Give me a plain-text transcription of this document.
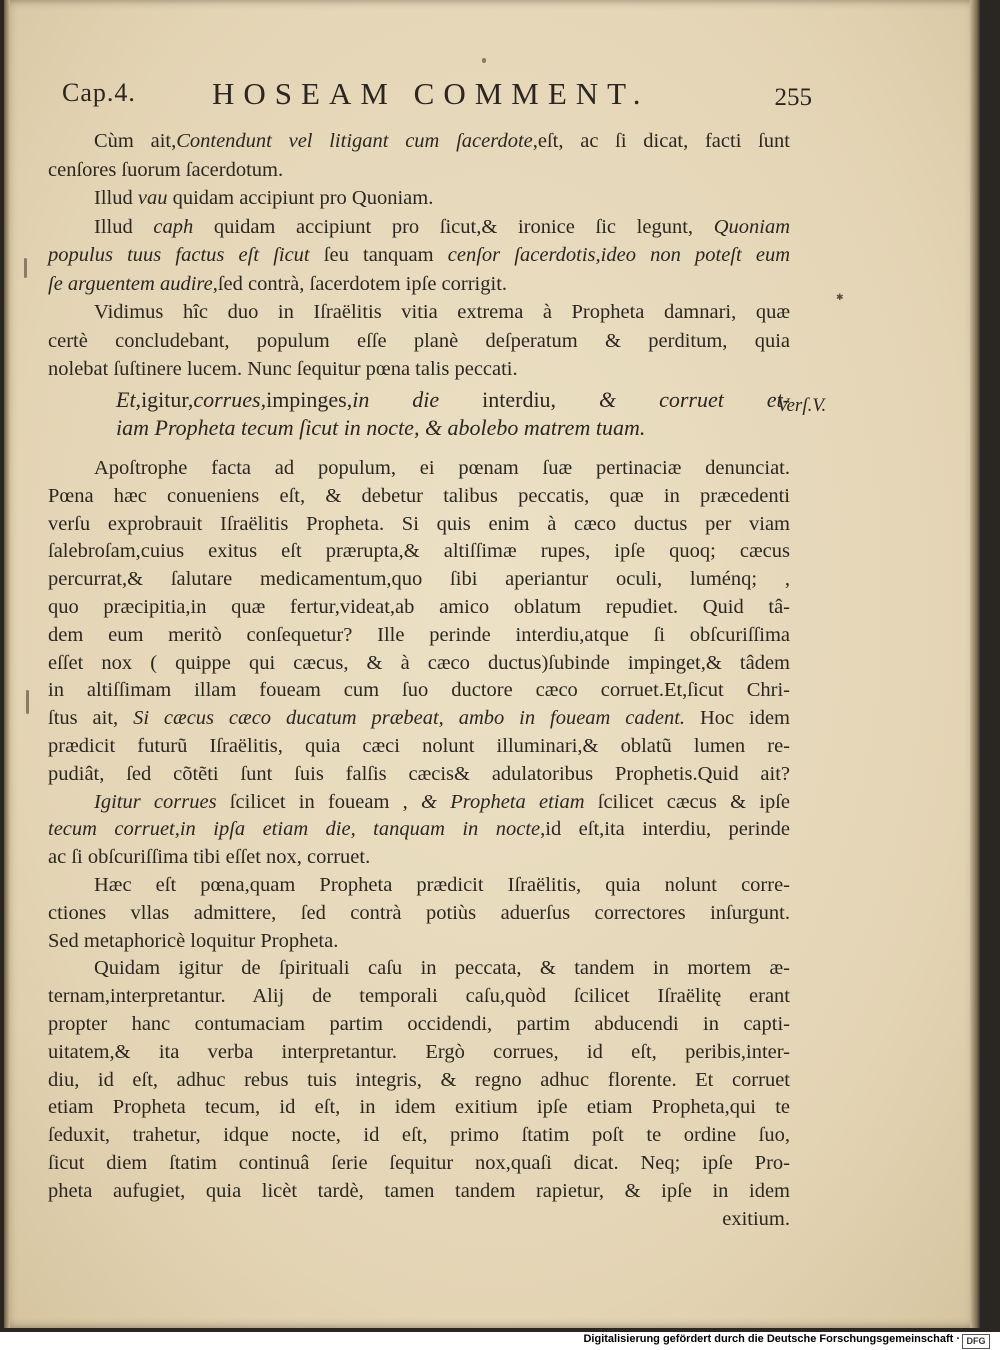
Cap.4. HOSEAM COMMENT.	255
Cùm ait,Contendunt vel litigant cum ſacerdote,eſt, ac ſi dicat, facti ſunt
cenſores ſuorum ſacerdotum.
Illud vau quidam accipiunt pro Quoniam.
Illud caph quidam accipiunt pro ſicut,& ironice ſic legunt, Quoniam
populus tuus factus eſt ſicut ſeu tanquam cenſor ſacerdotis,ideo non poteſt eum
ſe arguentem audire,ſed contrà, ſacerdotem ipſe corrigit.
Vidimus hîc duo in Iſraëlitis vitia extrema à Propheta damnari, quæ
certè concludebant, populum eſſe planè deſperatum & perditum, quia
nolebat ſuſtinere lucem. Nunc ſequitur pœna talis peccati.
Et,igitur,corrues,impinges,in die interdiu, & corruet et-
iam Propheta tecum ſicut in nocte, & abolebo matrem tuam.
Verſ.V.
✱
Apoſtrophe facta ad populum, ei pœnam ſuæ pertinaciæ denunciat.
Pœna hæc conueniens eſt, & debetur talibus peccatis, quæ in præcedenti
verſu exprobrauit Iſraëlitis Propheta. Si quis enim à cæco ductus per viam
ſalebroſam,cuius exitus eſt prærupta,& altiſſimæ rupes, ipſe quoq; cæcus
percurrat,& ſalutare medicamentum,quo ſibi aperiantur oculi, luménq; ,
quo præcipitia,in quæ fertur,videat,ab amico oblatum repudiet. Quid tâ-
dem eum meritò conſequetur? Ille perinde interdiu,atque ſi obſcuriſſima
eſſet nox ( quippe qui cæcus, & à cæco ductus)ſubinde impinget,& tâdem
in altiſſimam illam foueam cum ſuo ductore cæco corruet.Et,ſicut Chri-
ſtus ait, Si cæcus cæco ducatum præbeat, ambo in foueam cadent. Hoc idem
prædicit futurũ Iſraëlitis, quia cæci nolunt illuminari,& oblatũ lumen re-
pudiât, ſed cõtẽti ſunt ſuis falſis cæcis& adulatoribus Prophetis.Quid ait?
Igitur corrues ſcilicet in foueam , & Propheta etiam ſcilicet cæcus & ipſe
tecum corruet,in ipſa etiam die, tanquam in nocte,id eſt,ita interdiu, perinde
ac ſi obſcuriſſima tibi eſſet nox, corruet.
Hæc eſt pœna,quam Propheta prædicit Iſraëlitis, quia nolunt corre-
ctiones vllas admittere, ſed contrà potiùs aduerſus correctores inſurgunt.
Sed metaphoricè loquitur Propheta.
Quidam igitur de ſpirituali caſu in peccata, & tandem in mortem æ-
ternam,interpretantur. Alij de temporali caſu,quòd ſcilicet Iſraëlitę erant
propter hanc contumaciam partim occidendi, partim abducendi in capti-
uitatem,& ita verba interpretantur. Ergò corrues, id eſt, peribis,inter-
diu, id eſt, adhuc rebus tuis integris, & regno adhuc florente. Et corruet
etiam Propheta tecum, id eſt, in idem exitium ipſe etiam Propheta,qui te
ſeduxit, trahetur, idque nocte, id eſt, primo ſtatim poſt te ordine ſuo,
ſicut diem ſtatim continuâ ſerie ſequitur nox,quaſi dicat. Neq; ipſe Pro-
pheta aufugiet, quia licèt tardè, tamen tandem rapietur, & ipſe in idem
exitium.
Digitalisierung gefördert durch die Deutsche Forschungsgemeinschaft · DFG
